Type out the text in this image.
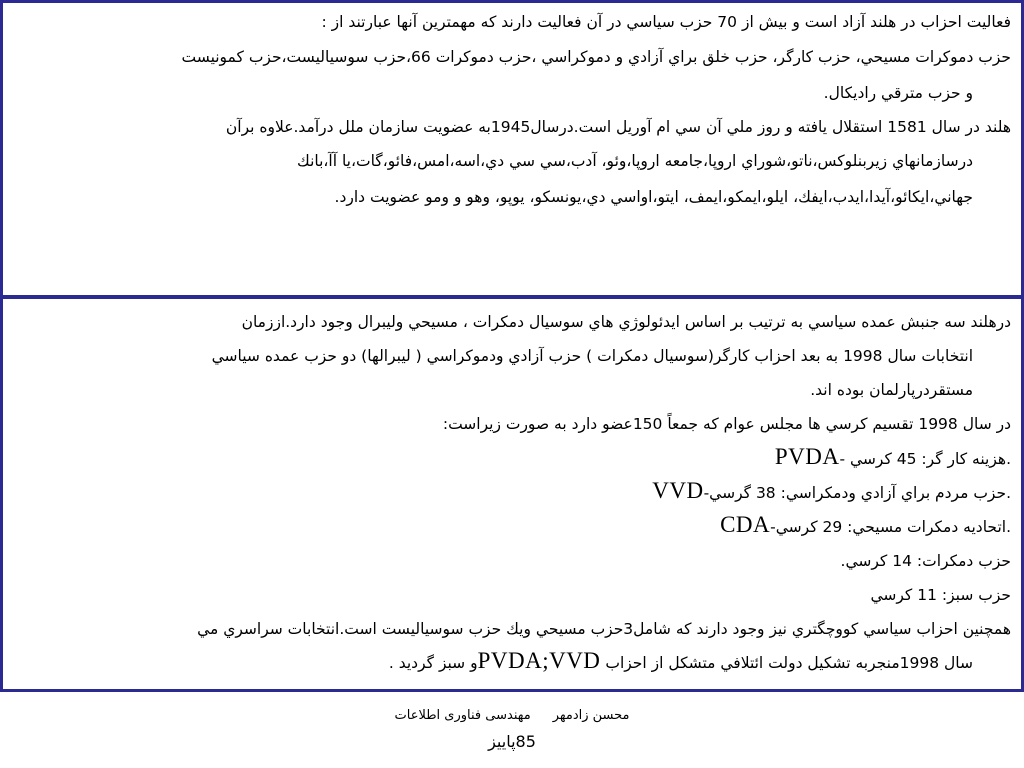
فعاليت احزاب در هلند آزاد است و بيش از 70 حزب سياسي در آن فعاليت دارند كه مهمترين آنها عبارتند از :
حزب دموكرات مسيحي، حزب كارگر، حزب خلق براي آزادي و دموكراسي ،حزب دموكرات 66،حزب سوسياليست،حزب كمونيست
و حزب مترقي راديكال.
هلند در سال 1581 استقلال يافته و روز ملي آن سي ام آوريل است.درسال1945به عضويت سازمان ملل درآمد.علاوه برآن
درسازمانهاي زيربنلوكس،ناتو،شوراي اروپا،جامعه اروپا،وئو، آدب،سي سي دي،اسه،امس،فائو،گات،يا آآ،بانك
جهاني،ايكائو،آيدا،ايدب،ايفك، ايلو،ايمكو،ايمف، ايتو،اواسي دي،يونسكو، يوپو، وهو و ومو عضويت دارد.
درهلند سه جنبش عمده سياسي به ترتيب بر اساس ايدئولوژي هاي سوسيال دمكرات ، مسيحي وليبرال وجود دارد.اززمان
انتخابات سال 1998 به بعد احزاب كارگر(سوسيال دمكرات ) حزب آزادي ودموكراسي ( ليبرالها) دو حزب عمده سياسي
مستقردرپارلمان بوده اند.
در سال 1998 تقسيم كرسي ها مجلس عوام كه جمعاً 150عضو دارد به صورت زيراست:
PVDA- هزينه كار گر: 45 كرسي.
VVD-حزب مردم براي آزادي ودمكراسي: 38 گرسي.
CDA-اتحاديه دمكرات مسيحي: 29 كرسي.
حزب دمكرات: 14 كرسي.
حزب سبز: 11 كرسي
همچنين احزاب سياسي كووچگتري نيز وجود دارند كه شامل3حزب مسيحي ويك حزب سوسياليست است.انتخابات سراسري مي
سال 1998منجربه تشكيل دولت ائتلافي متشكل از احزاب PVDA;VVDو سبز گرديد .
محسن زادمهرمهندسی فناوری اطلاعات
85پاییز
